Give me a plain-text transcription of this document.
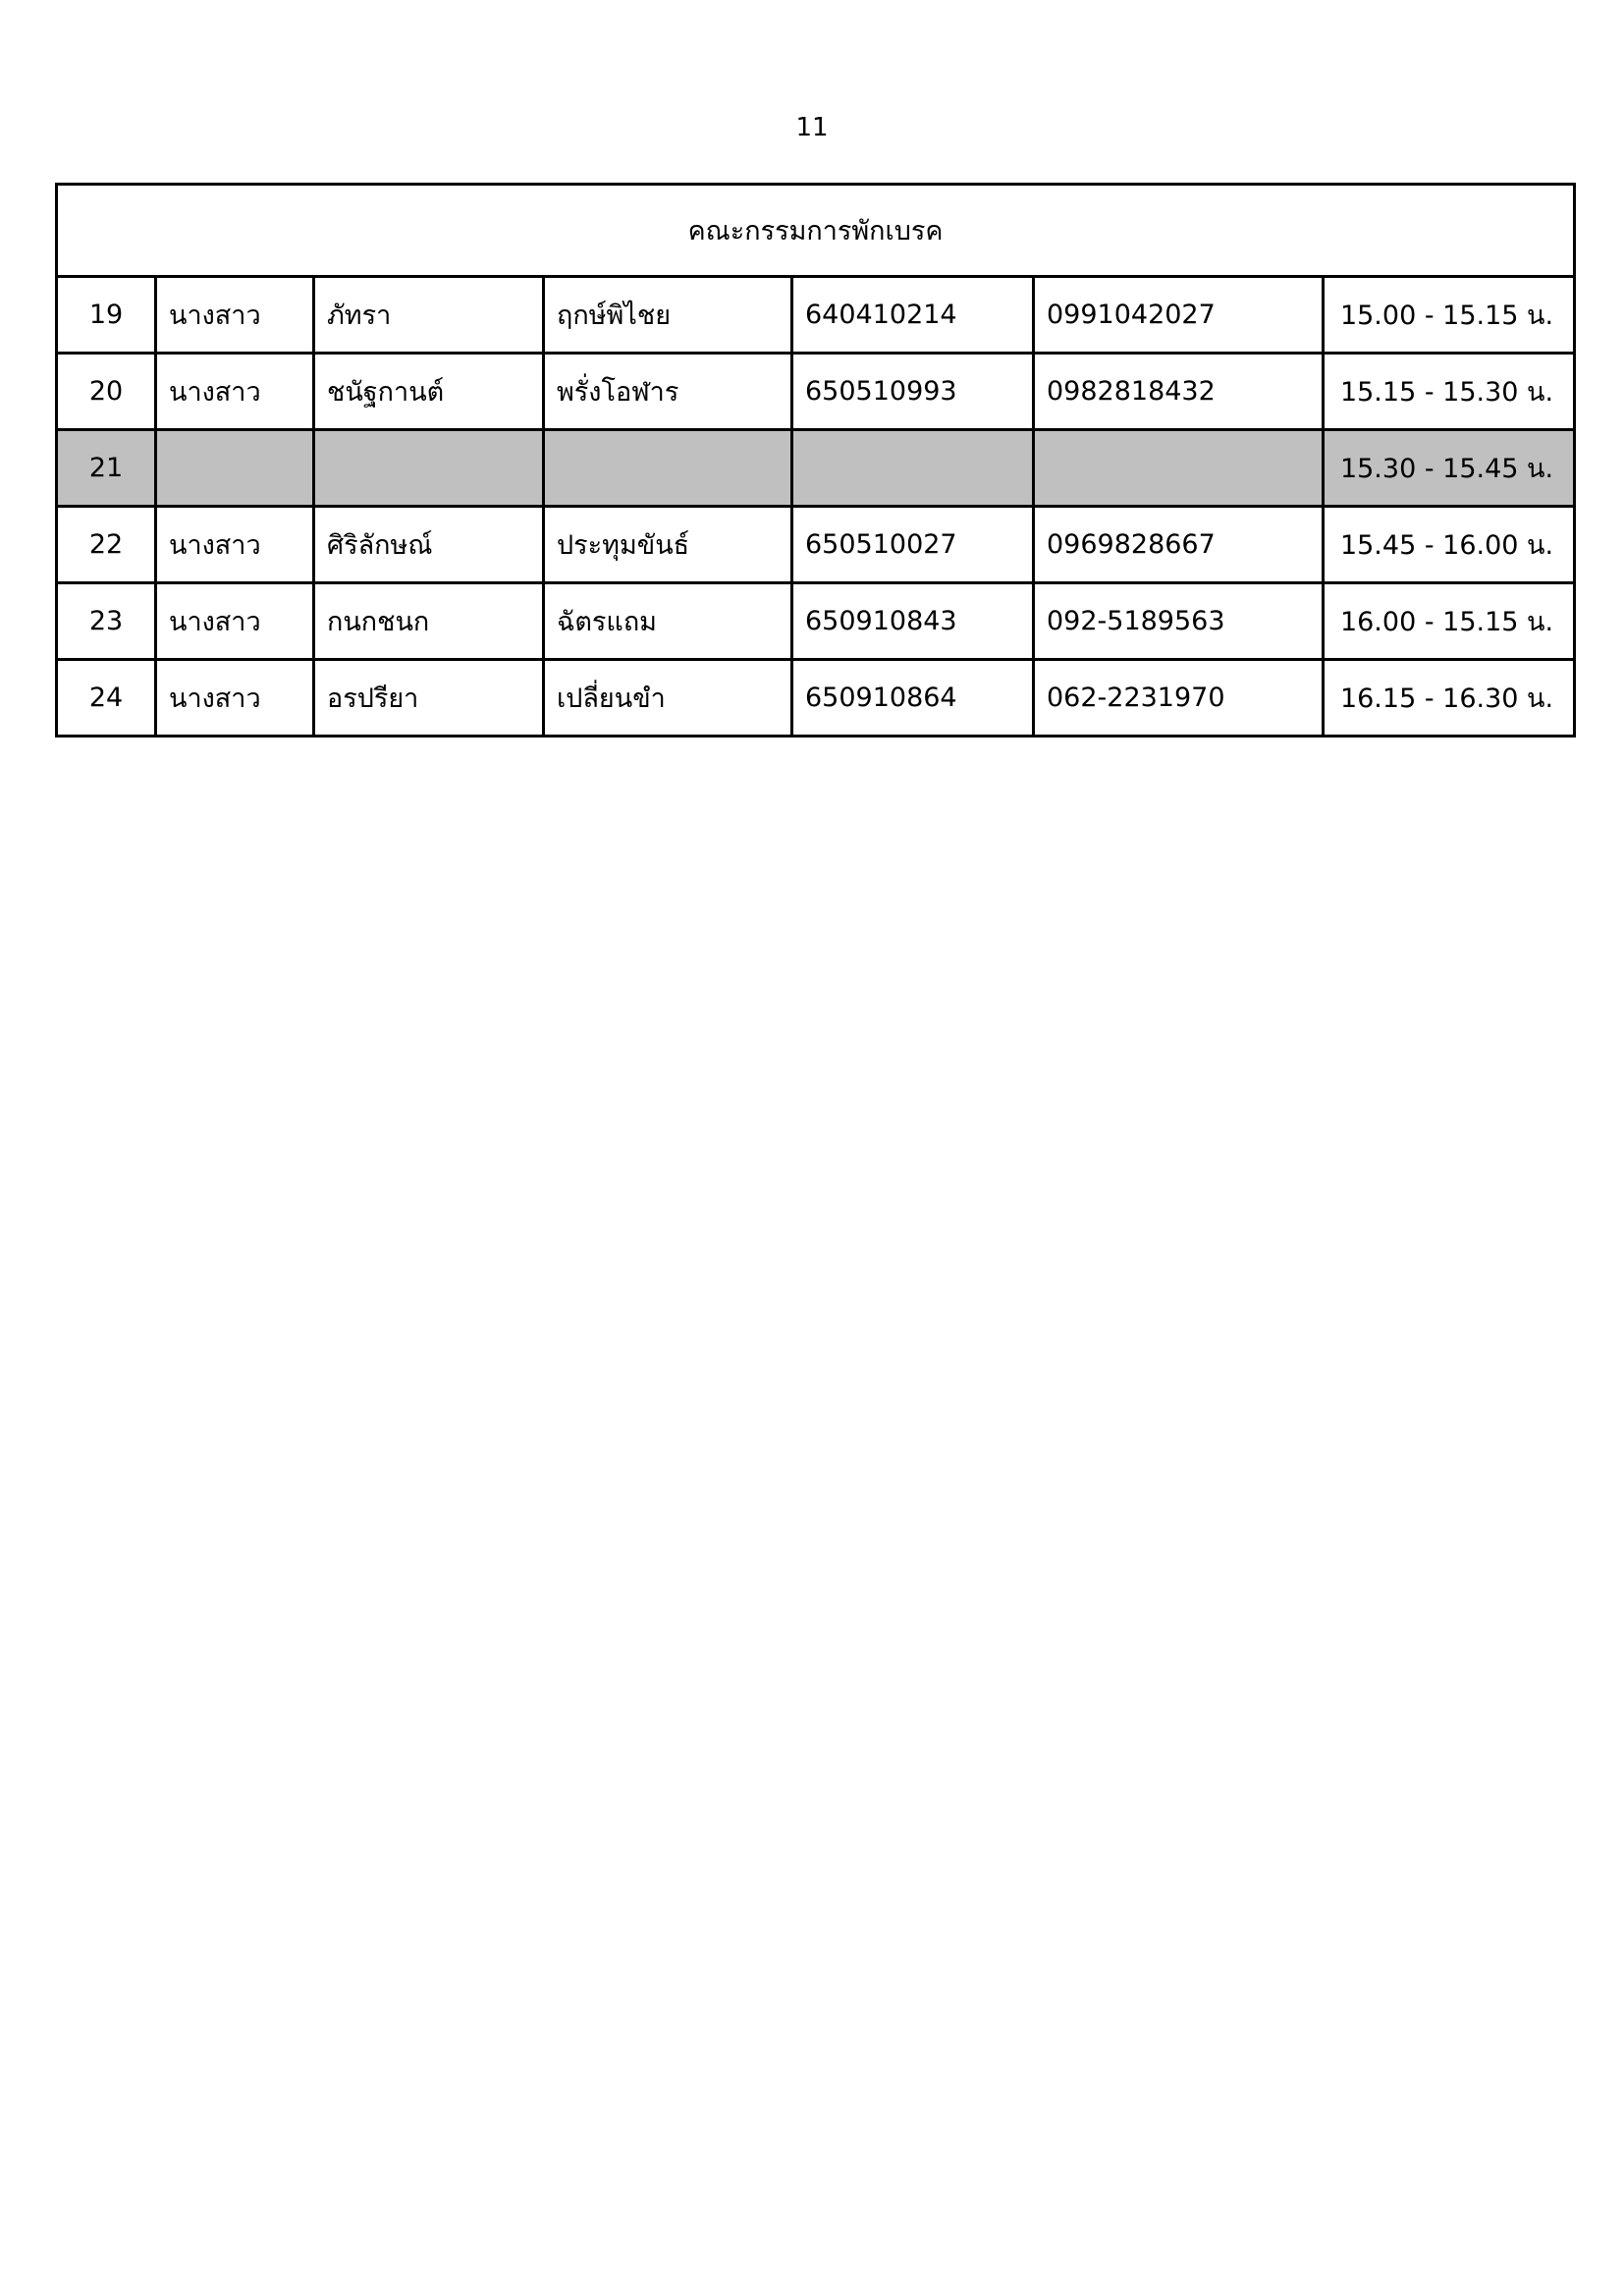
11
คณะกรรมการพักเบรค						
19	นางสาว	ภัทรา	ฤกษ์พิไชย	640410214	0991042027	15.00 - 15.15 น.
20	นางสาว	ชนัฐกานต์	พรั่งโอฬาร	650510993	0982818432	15.15 - 15.30 น.
21						15.30 - 15.45 น.
22	นางสาว	ศิริลักษณ์	ประทุมขันธ์	650510027	0969828667	15.45 - 16.00 น.
23	นางสาว	กนกชนก	ฉัตรแถม	650910843	092-5189563	16.00 - 15.15 น.
24	นางสาว	อรปรียา	เปลี่ยนขำ	650910864	062-2231970	16.15 - 16.30 น.
